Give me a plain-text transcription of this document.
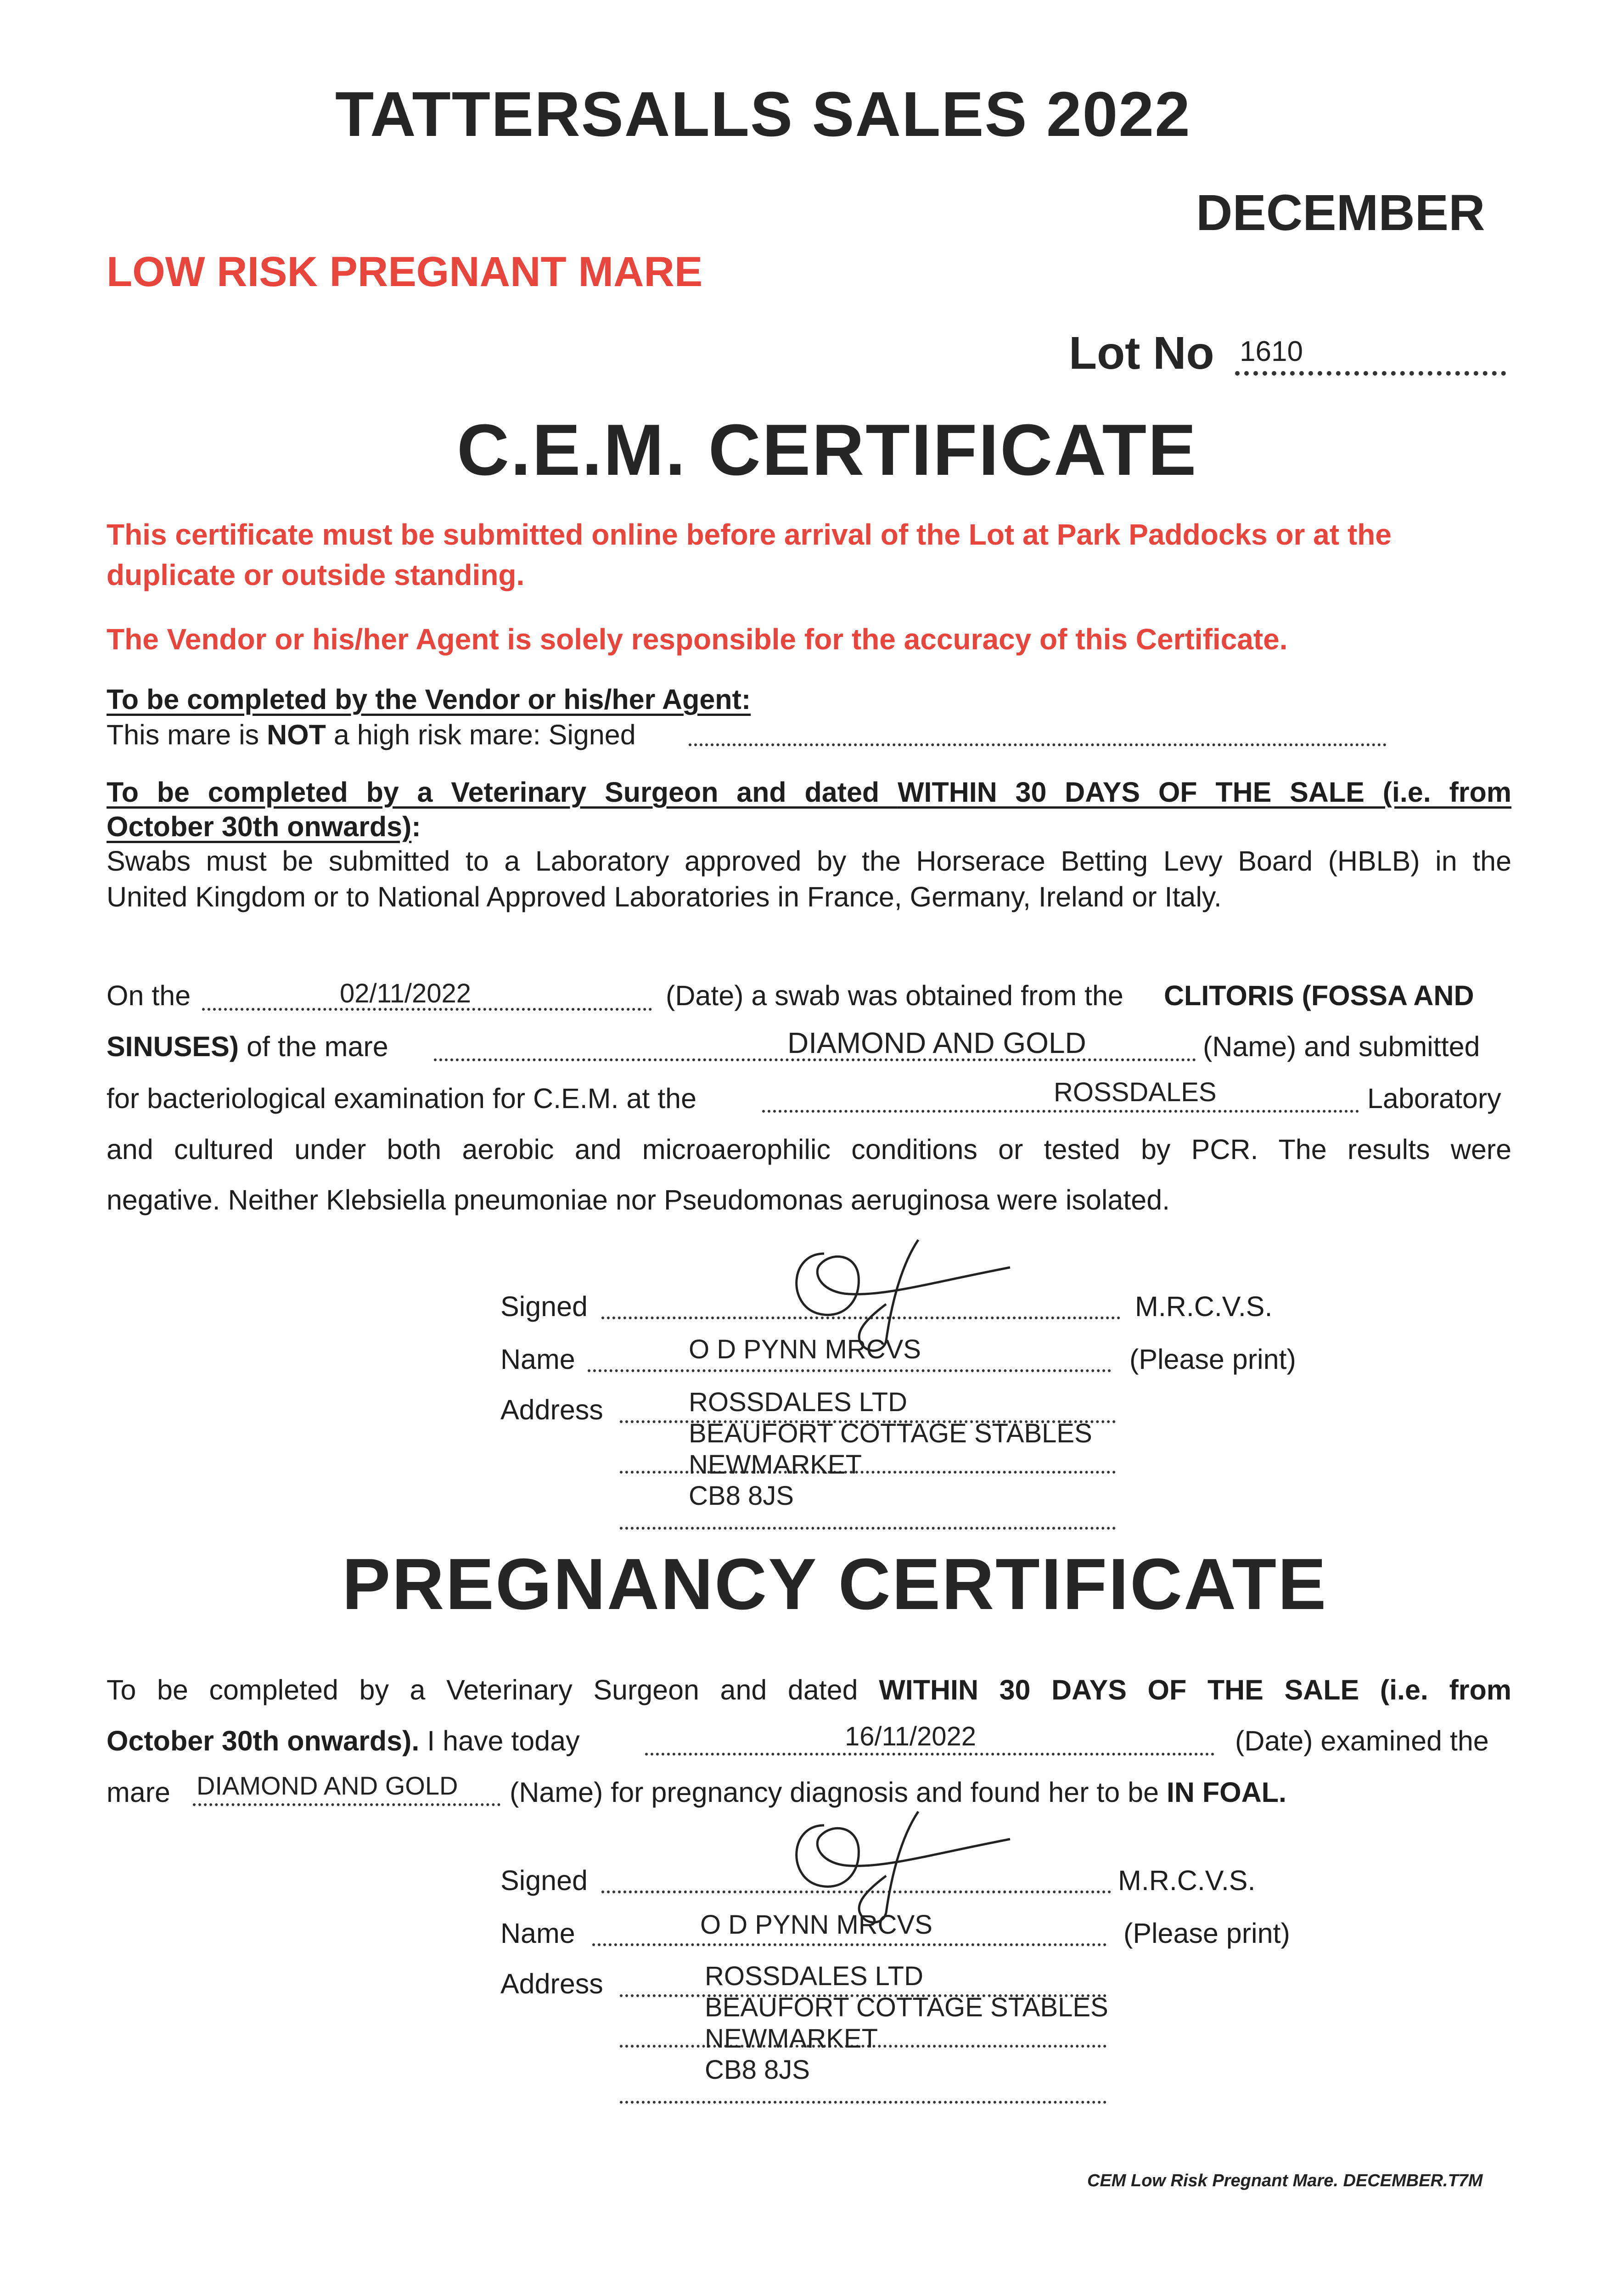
TATTERSALLS SALES 2022
DECEMBER
LOW RISK PREGNANT MARE
Lot No 1610
C.E.M. CERTIFICATE
This certificate must be submitted online before arrival of the Lot at Park Paddocks or at the duplicate or outside standing.
The Vendor or his/her Agent is solely responsible for the accuracy of this Certificate.
To be completed by the Vendor or his/her Agent:
This mare is NOT a high risk mare: Signed
To be completed by a Veterinary Surgeon and dated WITHIN 30 DAYS OF THE SALE (i.e. from
October 30th onwards):
Swabs must be submitted to a Laboratory approved by the Horserace Betting Levy Board (HBLB) in the
United Kingdom or to National Approved Laboratories in France, Germany, Ireland or Italy.
On the	02/11/2022	(Date) a swab was obtained from the CLITORIS (FOSSA AND
SINUSES) of the mare	DIAMOND AND GOLD	(Name) and submitted
for bacteriological examination for C.E.M. at the	ROSSDALES	Laboratory
and cultured under both aerobic and microaerophilic conditions or tested by PCR. The results were
negative. Neither Klebsiella pneumoniae nor Pseudomonas aeruginosa were isolated.
Signed	M.R.C.V.S.
Name	O D PYNN MRCVS	(Please print)
Address	ROSSDALES LTD
BEAUFORT COTTAGE STABLES
NEWMARKET
CB8 8JS
PREGNANCY CERTIFICATE
To be completed by a Veterinary Surgeon and dated WITHIN 30 DAYS OF THE SALE (i.e. from
October 30th onwards). I have today	16/11/2022	(Date) examined the
mare DIAMOND AND GOLD (Name) for pregnancy diagnosis and found her to be IN FOAL.
Signed	M.R.C.V.S.
Name	O D PYNN MRCVS	(Please print)
Address	ROSSDALES LTD
BEAUFORT COTTAGE STABLES
NEWMARKET
CB8 8JS
CEM Low Risk Pregnant Mare. DECEMBER.T7M
